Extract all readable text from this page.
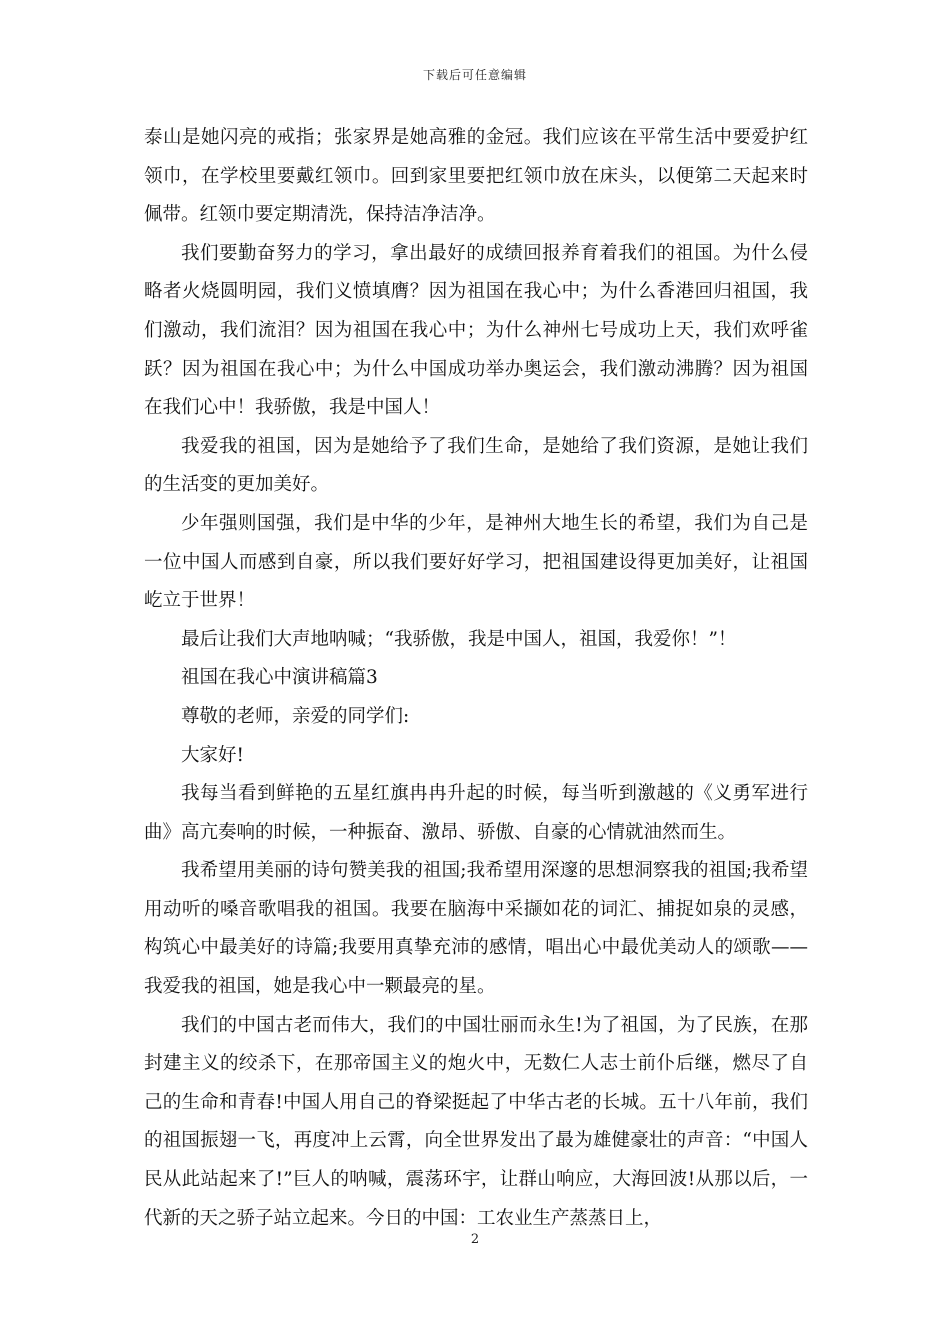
下载后可任意编辑

泰山是她闪亮的戒指；张家界是她高雅的金冠。我们应该在平常生活中要爱护红领巾，在学校里要戴红领巾。回到家里要把红领巾放在床头，以便第二天起来时佩带。红领巾要定期清洗，保持洁净洁净。

我们要勤奋努力的学习，拿出最好的成绩回报养育着我们的祖国。为什么侵略者火烧圆明园，我们义愤填膺？因为祖国在我心中；为什么香港回归祖国，我们激动，我们流泪？因为祖国在我心中；为什么神州七号成功上天，我们欢呼雀跃？因为祖国在我心中；为什么中国成功举办奥运会，我们激动沸腾？因为祖国在我们心中！我骄傲，我是中国人！

我爱我的祖国，因为是她给予了我们生命，是她给了我们资源，是她让我们的生活变的更加美好。

少年强则国强，我们是中华的少年，是神州大地生长的希望，我们为自己是一位中国人而感到自豪，所以我们要好好学习，把祖国建设得更加美好，让祖国屹立于世界！

最后让我们大声地呐喊；“我骄傲，我是中国人，祖国，我爱你！”！

祖国在我心中演讲稿篇3

尊敬的老师，亲爱的同学们:

大家好!

我每当看到鲜艳的五星红旗冉冉升起的时候，每当听到激越的《义勇军进行曲》高亢奏响的时候，一种振奋、激昂、骄傲、自豪的心情就油然而生。

我希望用美丽的诗句赞美我的祖国;我希望用深邃的思想洞察我的祖国;我希望用动听的嗓音歌唱我的祖国。我要在脑海中采撷如花的词汇、捕捉如泉的灵感，构筑心中最美好的诗篇;我要用真挚充沛的感情，唱出心中最优美动人的颂歌——我爱我的祖国，她是我心中一颗最亮的星。

我们的中国古老而伟大，我们的中国壮丽而永生!为了祖国，为了民族，在那封建主义的绞杀下，在那帝国主义的炮火中，无数仁人志士前仆后继，燃尽了自己的生命和青春!中国人用自己的脊梁挺起了中华古老的长城。五十八年前，我们的祖国振翅一飞，再度冲上云霄，向全世界发出了最为雄健豪壮的声音：“中国人民从此站起来了!”巨人的呐喊，震荡环宇，让群山响应，大海回波!从那以后，一代新的天之骄子站立起来。今日的中国：工农业生产蒸蒸日上，

2
